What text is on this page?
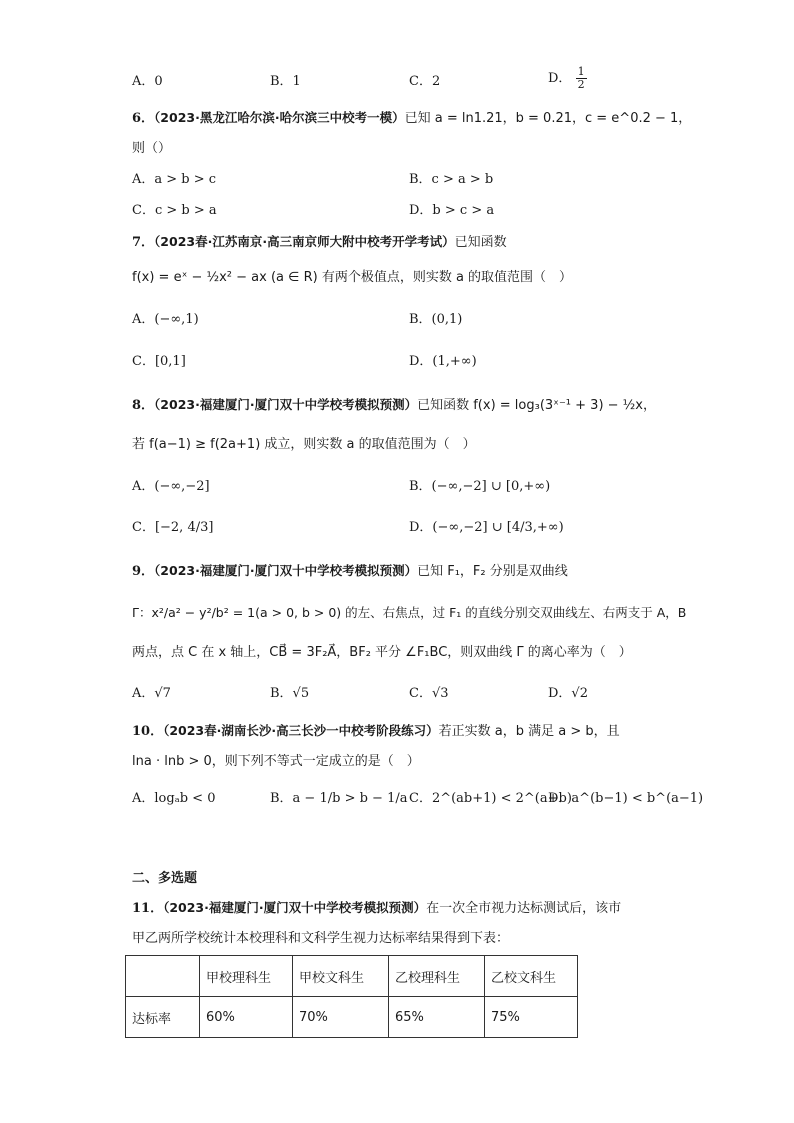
A．0	B．1	C．2	D． $\frac{1}{2}$
6．（2023·黑龙江哈尔滨·哈尔滨三中校考一模）已知 a = ln1.21，b = 0.21，c = e^0.2 − 1，
则（）
A．a > b > c	B．c > a > b
C．c > b > a	D．b > c > a
7．（2023春·江苏南京·高三南京师大附中校考开学考试）已知函数
f(x) = eˣ − ½x² − ax (a ∈ R) 有两个极值点，则实数 a 的取值范围（　）
A．(−∞,1)	B．(0,1)
C．[0,1]	D．(1,+∞)
8．（2023·福建厦门·厦门双十中学校考模拟预测）已知函数 f(x) = log₃(3ˣ⁻¹ + 3) − ½x，
若 f(a−1) ≥ f(2a+1) 成立，则实数 a 的取值范围为（　）
A．(−∞,−2]	B．(−∞,−2] ∪ [0,+∞)
C．[−2, 4/3]	D．(−∞,−2] ∪ [4/3,+∞)
9．（2023·福建厦门·厦门双十中学校考模拟预测）已知 F₁，F₂ 分别是双曲线
Γ：x²/a² − y²/b² = 1(a > 0, b > 0) 的左、右焦点，过 F₁ 的直线分别交双曲线左、右两支于 A，B
两点，点 C 在 x 轴上，CB⃗ = 3F₂A⃗，BF₂ 平分 ∠F₁BC，则双曲线 Γ 的离心率为（　）
A．√7	B．√5	C．√3	D．√2
10．（2023春·湖南长沙·高三长沙一中校考阶段练习）若正实数 a，b 满足 a > b，且
lna · lnb > 0，则下列不等式一定成立的是（　）
A．logₐb < 0	B．a − 1/b > b − 1/a C．2^(ab+1) < 2^(a+b)
D．a^(b−1) < b^(a−1)
二、多选题
11．（2023·福建厦门·厦门双十中学校考模拟预测）在一次全市视力达标测试后，该市
甲乙两所学校统计本校理科和文科学生视力达标率结果得到下表：
	甲校理科生	甲校文科生	乙校理科生	乙校文科生
达标率	60%	70%	65%	75%
